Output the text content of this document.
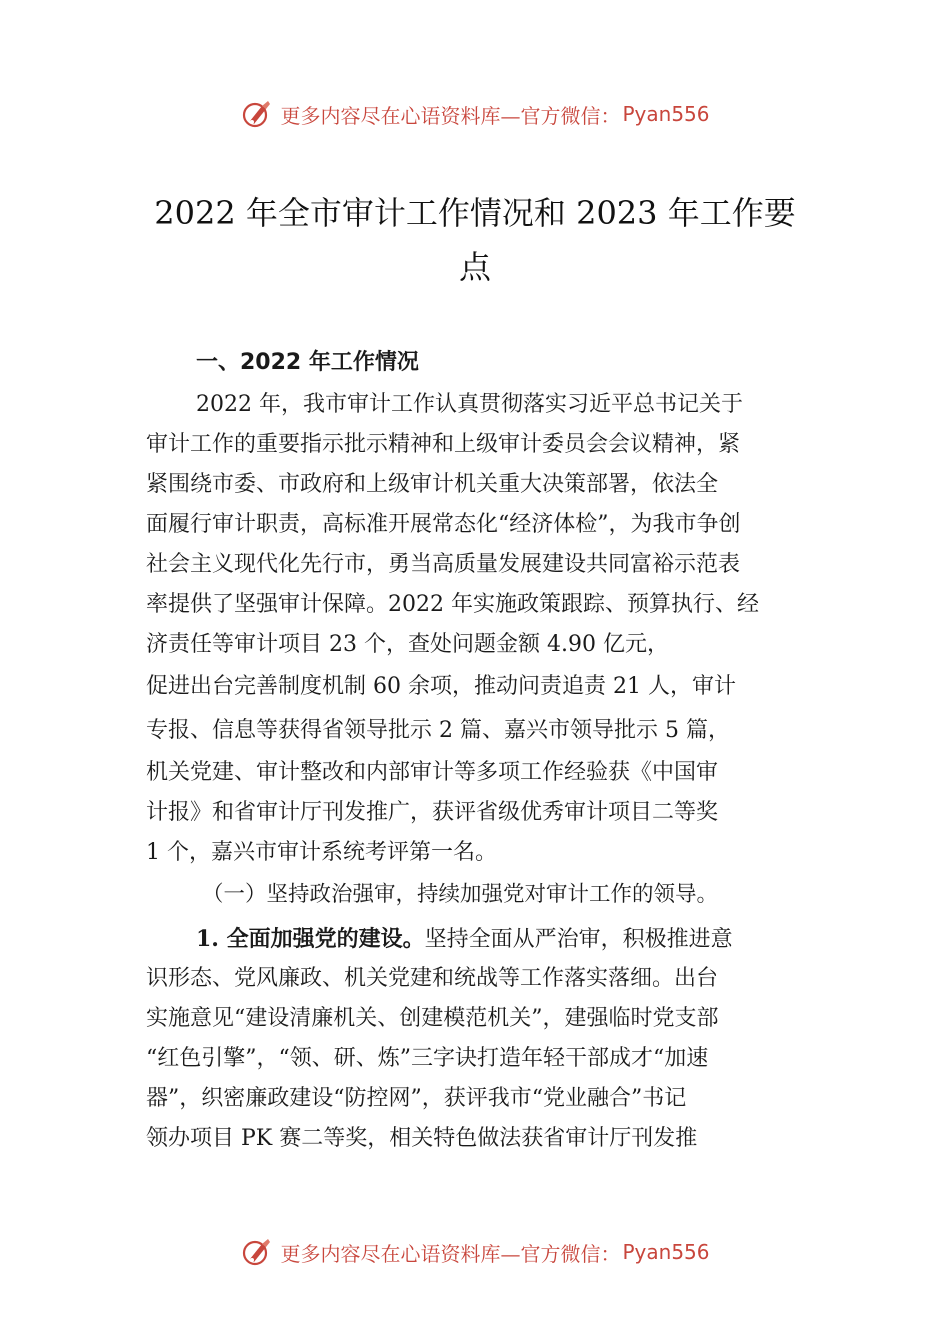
更多内容尽在心语资料库—官方微信： Pyan556
2022 年全市审计工作情况和 2023 年工作要
点
一、2022 年工作情况
2022 年，我市审计工作认真贯彻落实习近平总书记关于
审计工作的重要指示批示精神和上级审计委员会会议精神，紧
紧围绕市委、市政府和上级审计机关重大决策部署，依法全
面履行审计职责，高标准开展常态化“经济体检”，为我市争创
社会主义现代化先行市，勇当高质量发展建设共同富裕示范表
率提供了坚强审计保障。2022 年实施政策跟踪、预算执行、经
济责任等审计项目 23 个，查处问题金额 4.90 亿元，
促进出台完善制度机制 60 余项，推动问责追责 21 人，审计
专报、信息等获得省领导批示 2 篇、嘉兴市领导批示 5 篇，
机关党建、审计整改和内部审计等多项工作经验获《中国审
计报》和省审计厅刊发推广，获评省级优秀审计项目二等奖
1 个，嘉兴市审计系统考评第一名。
（一）坚持政治强审，持续加强党对审计工作的领导。
1. 全面加强党的建设。坚持全面从严治审，积极推进意
识形态、党风廉政、机关党建和统战等工作落实落细。出台
实施意见“建设清廉机关、创建模范机关”，建强临时党支部
“红色引擎”，“领、研、炼”三字诀打造年轻干部成才“加速
器”，织密廉政建设“防控网”，获评我市“党业融合”书记
领办项目 PK 赛二等奖，相关特色做法获省审计厅刊发推
更多内容尽在心语资料库—官方微信： Pyan556
